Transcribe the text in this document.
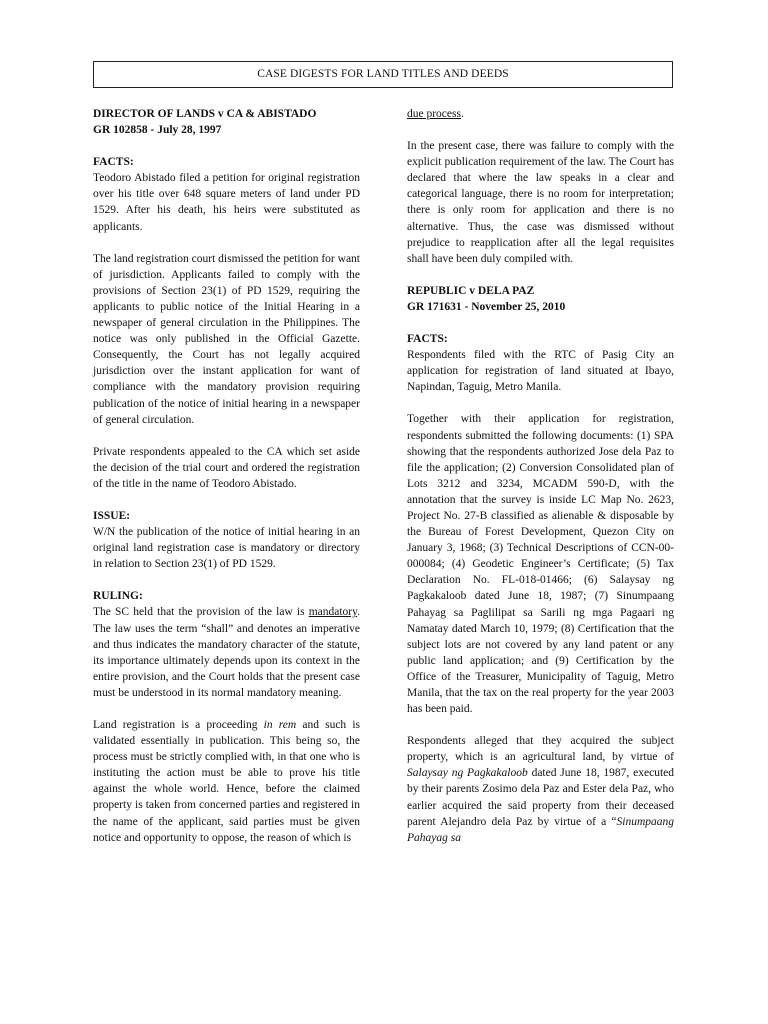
CASE DIGESTS FOR LAND TITLES AND DEEDS
DIRECTOR OF LANDS v CA & ABISTADO
GR 102858 - July 28, 1997
FACTS:

Teodoro Abistado filed a petition for original registration over his title over 648 square meters of land under PD 1529. After his death, his heirs were substituted as applicants.

The land registration court dismissed the petition for want of jurisdiction. Applicants failed to comply with the provisions of Section 23(1) of PD 1529, requiring the applicants to public notice of the Initial Hearing in a newspaper of general circulation in the Philippines. The notice was only published in the Official Gazette. Consequently, the Court has not legally acquired jurisdiction over the instant application for want of compliance with the mandatory provision requiring publication of the notice of initial hearing in a newspaper of general circulation.

Private respondents appealed to the CA which set aside the decision of the trial court and ordered the registration of the title in the name of Teodoro Abistado.

ISSUE:

W/N the publication of the notice of initial hearing in an original land registration case is mandatory or directory in relation to Section 23(1) of PD 1529.

RULING:

The SC held that the provision of the law is mandatory. The law uses the term “shall” and denotes an imperative and thus indicates the mandatory character of the statute, its importance ultimately depends upon its context in the entire provision, and the Court holds that the present case must be understood in its normal mandatory meaning.

Land registration is a proceeding in rem and such is validated essentially in publication. This being so, the process must be strictly complied with, in that one who is instituting the action must be able to prove his title against the whole world. Hence, before the claimed property is taken from concerned parties and registered in the name of the applicant, said parties must be given notice and opportunity to oppose, the reason of which is

due process.

In the present case, there was failure to comply with the explicit publication requirement of the law. The Court has declared that where the law speaks in a clear and categorical language, there is no room for interpretation; there is only room for application and there is no alternative. Thus, the case was dismissed without prejudice to reapplication after all the legal requisites shall have been duly compiled with.

REPUBLIC v DELA PAZ
GR 171631 - November 25, 2010
FACTS:

Respondents filed with the RTC of Pasig City an application for registration of land situated at Ibayo, Napindan, Taguig, Metro Manila.

Together with their application for registration, respondents submitted the following documents: (1) SPA showing that the respondents authorized Jose dela Paz to file the application; (2) Conversion Consolidated plan of Lots 3212 and 3234, MCADM 590-D, with the annotation that the survey is inside LC Map No. 2623, Project No. 27-B classified as alienable & disposable by the Bureau of Forest Development, Quezon City on January 3, 1968; (3) Technical Descriptions of CCN-00-000084; (4) Geodetic Engineer’s Certificate; (5) Tax Declaration No. FL-018-01466; (6) Salaysay ng Pagkakaloob dated June 18, 1987; (7) Sinumpaang Pahayag sa Paglilipat sa Sarili ng mga Pagaari ng Namatay dated March 10, 1979; (8) Certification that the subject lots are not covered by any land patent or any public land application; and (9) Certification by the Office of the Treasurer, Municipality of Taguig, Metro Manila, that the tax on the real property for the year 2003 has been paid.

Respondents alleged that they acquired the subject property, which is an agricultural land, by virtue of Salaysay ng Pagkakaloob dated June 18, 1987, executed by their parents Zosimo dela Paz and Ester dela Paz, who earlier acquired the said property from their deceased parent Alejandro dela Paz by virtue of a “Sinumpaang Pahayag sa
